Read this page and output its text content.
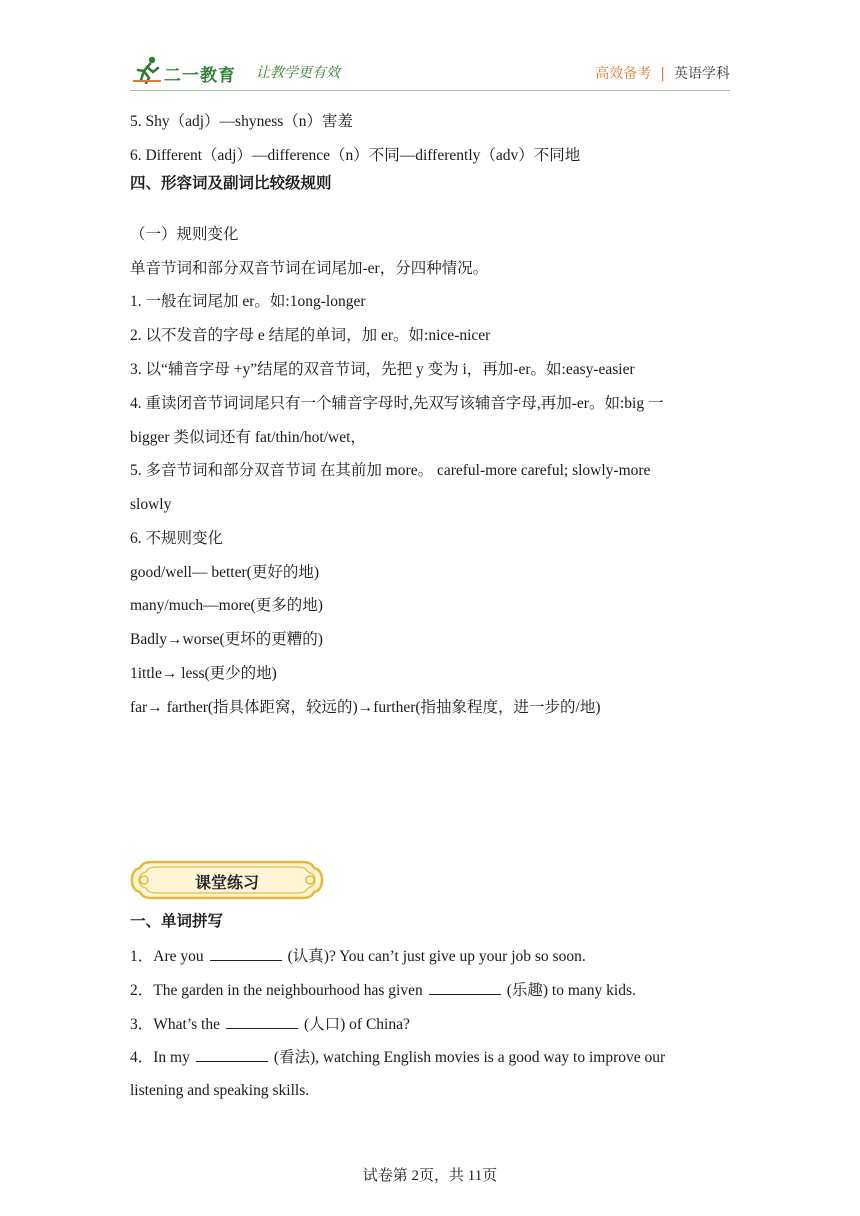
二一教育 让教学更有效	高效备考 | 英语学科
5. Shy（adj）—shyness（n）害羞
6. Different（adj）—difference（n）不同—differently（adv）不同地
四、形容词及副词比较级规则
（一）规则变化
单音节词和部分双音节词在词尾加-er，分四种情况。
1. 一般在词尾加 er。如:1ong-longer
2. 以不发音的字母 e 结尾的单词，加 er。如:nice-nicer
3. 以“辅音字母 +y”结尾的双音节词，先把 y 变为 i，再加-er。如:easy-easier
4. 重读闭音节词词尾只有一个辅音字母时,先双写该辅音字母,再加-er。如:big 一
bigger 类似词还有 fat/thin/hot/wet，
5. 多音节词和部分双音节词 在其前加 more。 careful-more careful; slowly-more
slowly
6. 不规则变化
good/well— better(更好的地)
many/much—more(更多的地)
Badly→worse(更坏的更糟的)
1ittle→ less(更少的地)
far→ farther(指具体距窝，较远的)→further(指抽象程度，进一步的/地)
课堂练习
一、单词拼写
1．Are you	(认真)? You can’t just give up your job so soon.
2．The garden in the neighbourhood has given	(乐趣) to many kids.
3．What’s the	(人口) of China?
4．In my	(看法), watching English movies is a good way to improve our
listening and speaking skills.
试卷第 2页，共 11页
